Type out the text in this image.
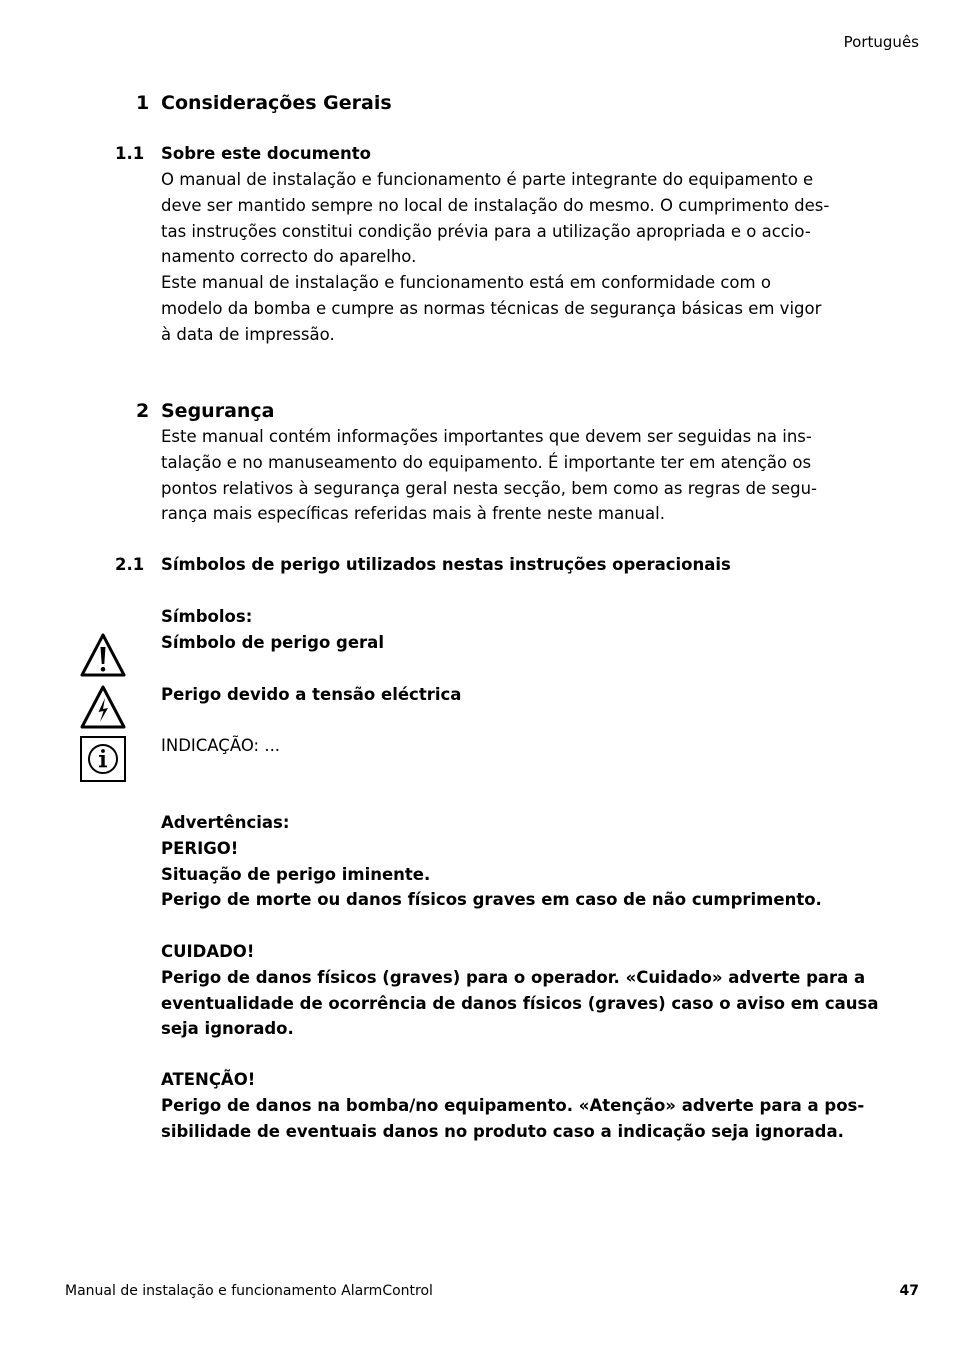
Português
1 Considerações Gerais
1.1 Sobre este documento
O manual de instalação e funcionamento é parte integrante do equipamento e
deve ser mantido sempre no local de instalação do mesmo. O cumprimento des-
tas instruções constitui condição prévia para a utilização apropriada e o accio-
namento correcto do aparelho.
Este manual de instalação e funcionamento está em conformidade com o
modelo da bomba e cumpre as normas técnicas de segurança básicas em vigor
à data de impressão.
2 Segurança
Este manual contém informações importantes que devem ser seguidas na ins-
talação e no manuseamento do equipamento. É importante ter em atenção os
pontos relativos à segurança geral nesta secção, bem como as regras de segu-
rança mais específicas referidas mais à frente neste manual.
2.1 Símbolos de perigo utilizados nestas instruções operacionais
Símbolos:
Símbolo de perigo geral
Perigo devido a tensão eléctrica
INDICAÇÃO: ...
Advertências:
PERIGO!
Situação de perigo iminente.
Perigo de morte ou danos físicos graves em caso de não cumprimento.
CUIDADO!
Perigo de danos físicos (graves) para o operador. «Cuidado» adverte para a
eventualidade de ocorrência de danos físicos (graves) caso o aviso em causa
seja ignorado.
ATENÇÃO!
Perigo de danos na bomba/no equipamento. «Atenção» adverte para a pos-
sibilidade de eventuais danos no produto caso a indicação seja ignorada.
Manual de instalação e funcionamento AlarmControl	47
